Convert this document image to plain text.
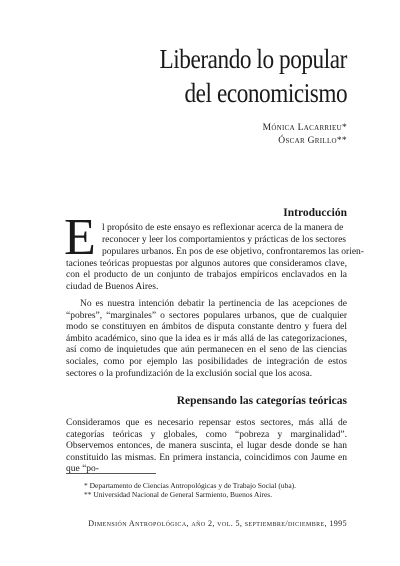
Liberando lo popular
del economicismo
Mónica Lacarrieu*
Óscar Grillo**
Introducción
E l propósito de este ensayo es reflexionar acerca de la manera de
reconocer y leer los comportamientos y prácticas de los sectores
populares urbanos. En pos de ese objetivo, confrontaremos las orien-
taciones teóricas propuestas por algunos autores que consideramos clave, con el producto de un conjunto de trabajos empíricos enclavados en la ciudad de Buenos Aires.
No es nuestra intención debatir la pertinencia de las acepciones de “pobres”, “marginales” o sectores populares urbanos, que de cualquier modo se constituyen en ámbitos de disputa constante dentro y fuera del ámbito académico, sino que la idea es ir más allá de las categorizaciones, así como de inquietudes que aún permanecen en el seno de las ciencias sociales, como por ejemplo las posibilidades de integración de estos sectores o la profundización de la exclusión social que los acosa.
Repensando las categorías teóricas
Consideramos que es necesario repensar estos sectores, más allá de categorías teóricas y globales, como “pobreza y marginalidad”. Observemos entonces, de manera suscinta, el lugar desde donde se han constituido las mismas. En primera instancia, coincidimos con Jaume en que “po-
* Departamento de Ciencias Antropológicas y de Trabajo Social (uba).
** Universidad Nacional de General Sarmiento, Buenos Aires.
Dimensión Antropológica, año 2, vol. 5, septiembre/diciembre, 1995
